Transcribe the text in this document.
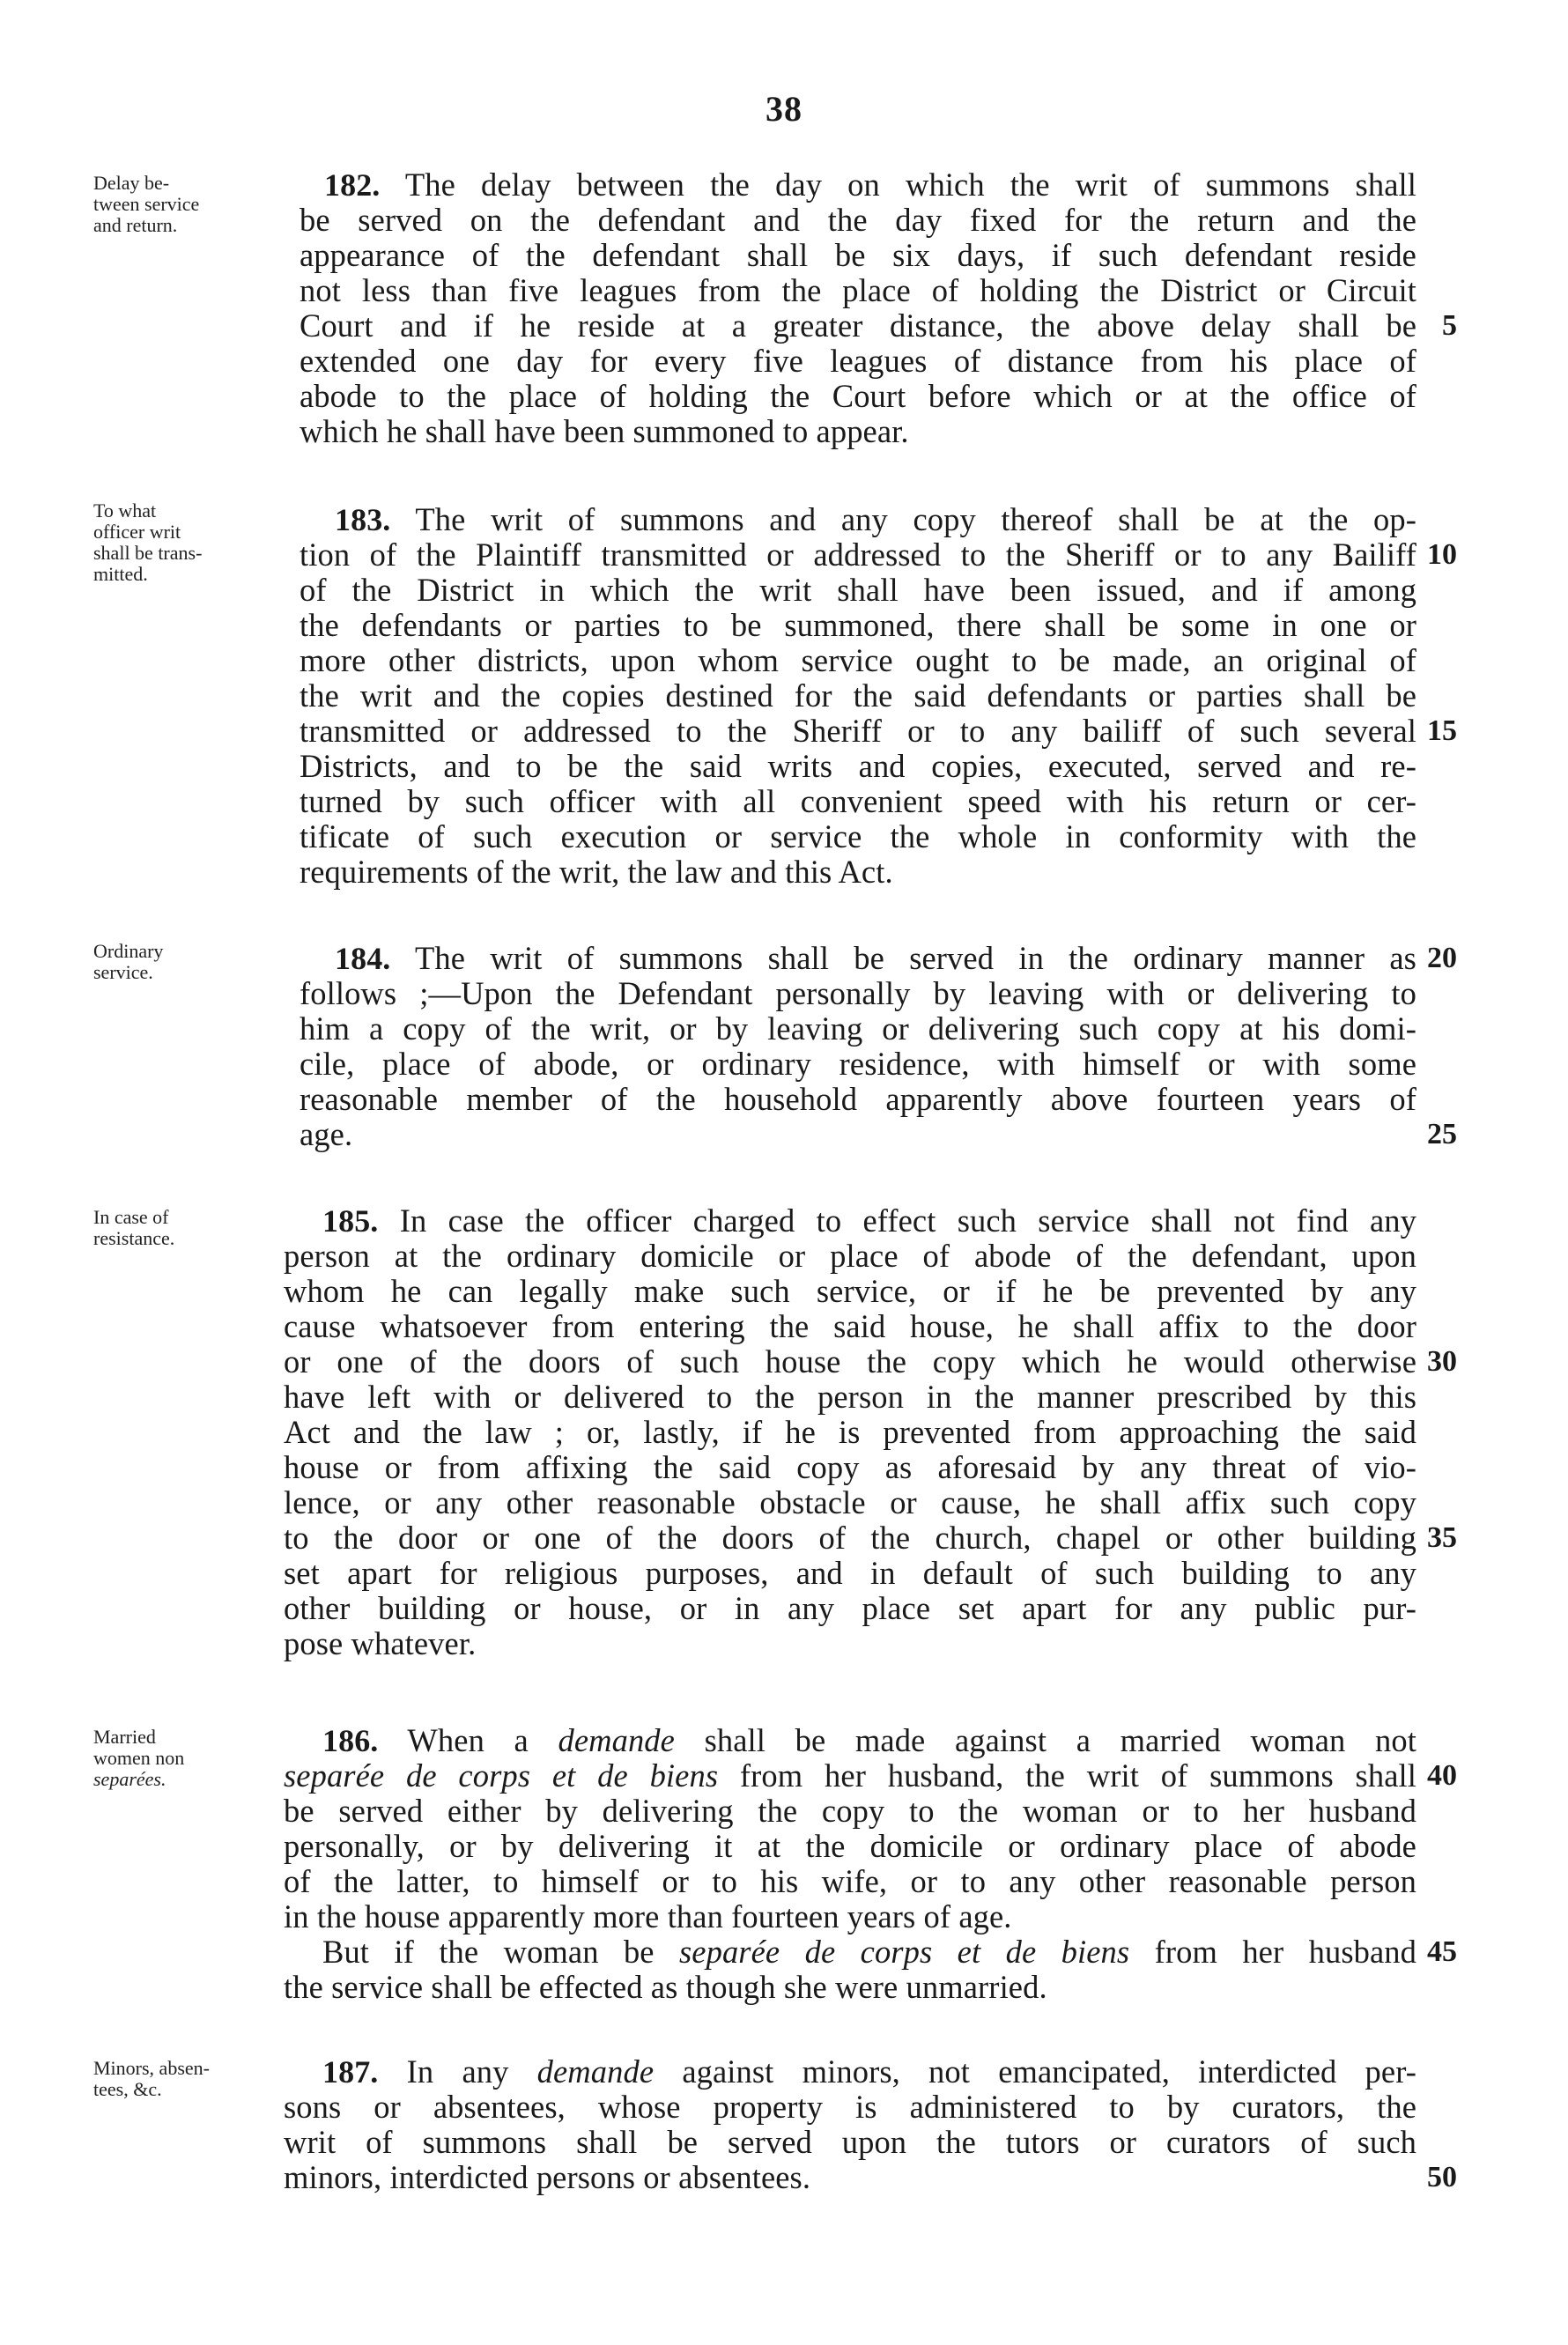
38
Delay be-
tween service
and return.
182. The delay between the day on which the writ of summons shall
be served on the defendant and the day fixed for the return and the
appearance of the defendant shall be six days, if such defendant reside
not less than five leagues from the place of holding the District or Circuit
Court and if he reside at a greater distance, the above delay shall be
extended one day for every five leagues of distance from his place of
abode to the place of holding the Court before which or at the office of
which he shall have been summoned to appear.
To what
officer writ
shall be trans-
mitted.
183. The writ of summons and any copy thereof shall be at the op-
tion of the Plaintiff transmitted or addressed to the Sheriff or to any Bailiff
of the District in which the writ shall have been issued, and if among
the defendants or parties to be summoned, there shall be some in one or
more other districts, upon whom service ought to be made, an original of
the writ and the copies destined for the said defendants or parties shall be
transmitted or addressed to the Sheriff or to any bailiff of such several
Districts, and to be the said writs and copies, executed, served and re-
turned by such officer with all convenient speed with his return or cer-
tificate of such execution or service the whole in conformity with the
requirements of the writ, the law and this Act.
Ordinary
service.	184. The writ of summons shall be served in the ordinary manner as
follows ;—Upon the Defendant personally by leaving with or delivering to
him a copy of the writ, or by leaving or delivering such copy at his domi-
cile, place of abode, or ordinary residence, with himself or with some
reasonable member of the household apparently above fourteen years of
age.
In case of
resistance.	185. In case the officer charged to effect such service shall not find any
person at the ordinary domicile or place of abode of the defendant, upon
whom he can legally make such service, or if he be prevented by any
cause whatsoever from entering the said house, he shall affix to the door
or one of the doors of such house the copy which he would otherwise
have left with or delivered to the person in the manner prescribed by this
Act and the law ; or, lastly, if he is prevented from approaching the said
house or from affixing the said copy as aforesaid by any threat of vio-
lence, or any other reasonable obstacle or cause, he shall affix such copy
to the door or one of the doors of the church, chapel or other building
set apart for religious purposes, and in default of such building to any
other building or house, or in any place set apart for any public pur-
pose whatever.
Married
women non
separées.
186. When a demande shall be made against a married woman not
separée de corps et de biens from her husband, the writ of summons shall
be served either by delivering the copy to the woman or to her husband
personally, or by delivering it at the domicile or ordinary place of abode
of the latter, to himself or to his wife, or to any other reasonable person
in the house apparently more than fourteen years of age.
But if the woman be separée de corps et de biens from her husband
the service shall be effected as though she were unmarried.
Minors, absen-
tees, &c.	187. In any demande against minors, not emancipated, interdicted per-
sons or absentees, whose property is administered to by curators, the
writ of summons shall be served upon the tutors or curators of such
minors, interdicted persons or absentees.
5
10
15
20
25
30
35
40
45
50
